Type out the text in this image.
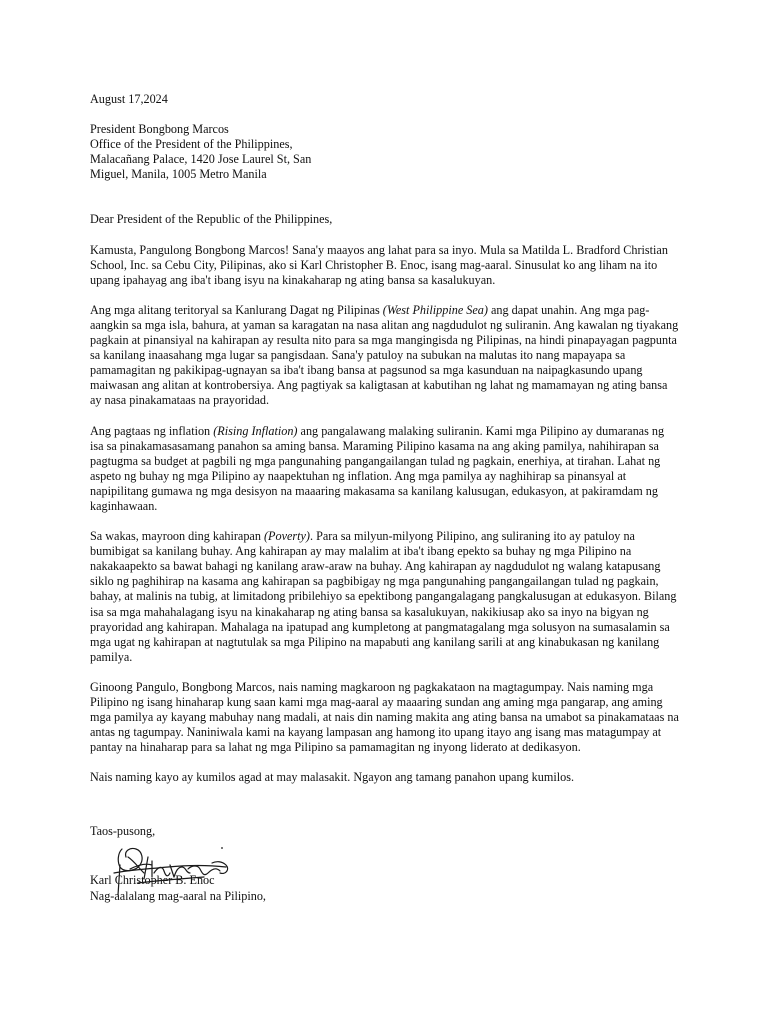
August 17,2024

President Bongbong Marcos
Office of the President of the Philippines,
Malacañang Palace, 1420 Jose Laurel St, San
Miguel, Manila, 1005 Metro Manila

Dear President of the Republic of the Philippines,

Kamusta, Pangulong Bongbong Marcos! Sana'y maayos ang lahat para sa inyo. Mula sa Matilda L. Bradford Christian School, Inc. sa Cebu City, Pilipinas, ako si Karl Christopher B. Enoc, isang mag-aaral. Sinusulat ko ang liham na ito upang ipahayag ang iba't ibang isyu na kinakaharap ng ating bansa sa kasalukuyan.

Ang mga alitang teritoryal sa Kanlurang Dagat ng Pilipinas (West Philippine Sea) ang dapat unahin. Ang mga pag-aangkin sa mga isla, bahura, at yaman sa karagatan na nasa alitan ang nagdudulot ng suliranin. Ang kawalan ng tiyakang pagkain at pinansiyal na kahirapan ay resulta nito para sa mga mangingisda ng Pilipinas, na hindi pinapayagan pagpunta sa kanilang inaasahang mga lugar sa pangisdaan. Sana'y patuloy na subukan na malutas ito nang mapayapa sa pamamagitan ng pakikipag-ugnayan sa iba't ibang bansa at pagsunod sa mga kasunduan na naipagkasundo upang maiwasan ang alitan at kontrobersiya. Ang pagtiyak sa kaligtasan at kabutihan ng lahat ng mamamayan ng ating bansa ay nasa pinakamataas na prayoridad.

Ang pagtaas ng inflation (Rising Inflation) ang pangalawang malaking suliranin. Kami mga Pilipino ay dumaranas ng isa sa pinakamasasamang panahon sa aming bansa. Maraming Pilipino kasama na ang aking pamilya, nahihirapan sa pagtugma sa budget at pagbili ng mga pangunahing pangangailangan tulad ng pagkain, enerhiya, at tirahan. Lahat ng aspeto ng buhay ng mga Pilipino ay naapektuhan ng inflation. Ang mga pamilya ay naghihirap sa pinansyal at napipilitang gumawa ng mga desisyon na maaaring makasama sa kanilang kalusugan, edukasyon, at pakiramdam ng kaginhawaan.

Sa wakas, mayroon ding kahirapan (Poverty). Para sa milyun-milyong Pilipino, ang suliraning ito ay patuloy na bumibigat sa kanilang buhay. Ang kahirapan ay may malalim at iba't ibang epekto sa buhay ng mga Pilipino na nakakaapekto sa bawat bahagi ng kanilang araw-araw na buhay. Ang kahirapan ay nagdudulot ng walang katapusang siklo ng paghihirap na kasama ang kahirapan sa pagbibigay ng mga pangunahing pangangailangan tulad ng pagkain, bahay, at malinis na tubig, at limitadong pribilehiyo sa epektibong pangangalagang pangkalusugan at edukasyon. Bilang isa sa mga mahahalagang isyu na kinakaharap ng ating bansa sa kasalukuyan, nakikiusap ako sa inyo na bigyan ng prayoridad ang kahirapan. Mahalaga na ipatupad ang kumpletong at pangmatagalang mga solusyon na sumasalamin sa mga ugat ng kahirapan at nagtutulak sa mga Pilipino na mapabuti ang kanilang sarili at ang kinabukasan ng kanilang pamilya.

Ginoong Pangulo, Bongbong Marcos, nais naming magkaroon ng pagkakataon na magtagumpay. Nais naming mga Pilipino ng isang hinaharap kung saan kami mga mag-aaral ay maaaring sundan ang aming mga pangarap, ang aming mga pamilya ay kayang mabuhay nang madali, at nais din naming makita ang ating bansa na umabot sa pinakamataas na antas ng tagumpay. Naniniwala kami na kayang lampasan ang hamong ito upang itayo ang isang mas matagumpay at pantay na hinaharap para sa lahat ng mga Pilipino sa pamamagitan ng inyong liderato at dedikasyon.

Nais naming kayo ay kumilos agad at may malasakit. Ngayon ang tamang panahon upang kumilos.

Taos-pusong,

Karl Christopher B. Enoc
Nag-aalalang mag-aaral na Pilipino,
